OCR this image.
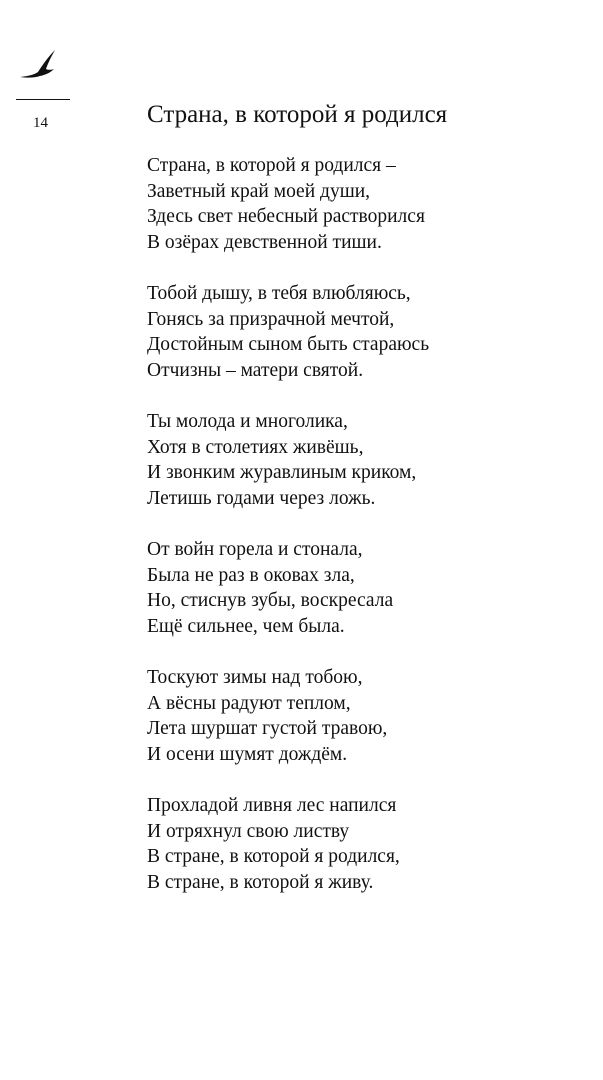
14	Страна, в которой я родился
Страна, в которой я родился –
Заветный край моей души,
Здесь свет небесный растворился
В озёрах девственной тиши.
Тобой дышу, в тебя влюбляюсь,
Гонясь за призрачной мечтой,
Достойным сыном быть стараюсь
Отчизны – матери святой.
Ты молода и многолика,
Хотя в столетиях живёшь,
И звонким журавлиным криком,
Летишь годами через ложь.
От войн горела и стонала,
Была не раз в оковах зла,
Но, стиснув зубы, воскресала
Ещё сильнее, чем была.
Тоскуют зимы над тобою,
А вёсны радуют теплом,
Лета шуршат густой травою,
И осени шумят дождём.
Прохладой ливня лес напился
И отряхнул свою листву
В стране, в которой я родился,
В стране, в которой я живу.
